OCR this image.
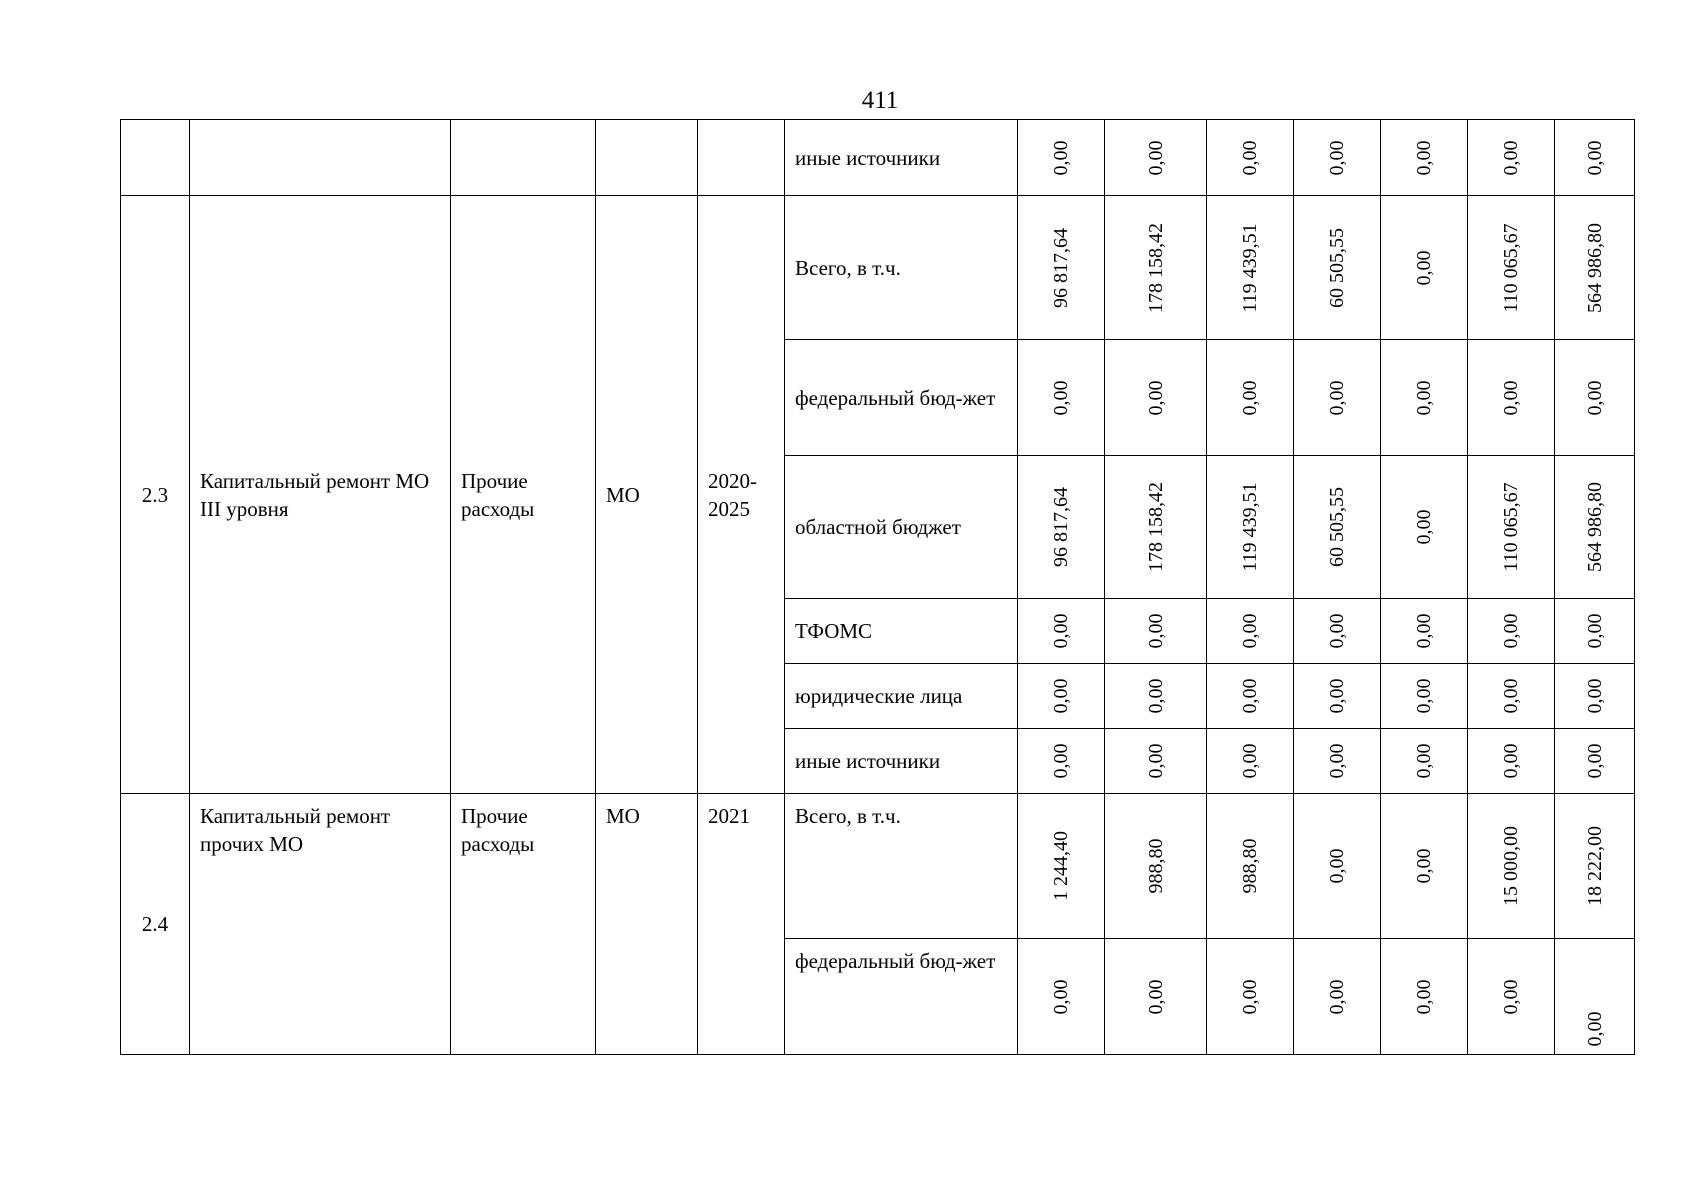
411
					иные источники	0,00	0,00	0,00	0,00	0,00	0,00	0,00

2.3	Капитальный ремонт МО III уровня	Прочие расходы	МО	2020-2025	Всего, в т.ч.	96 817,64	178 158,42	119 439,51	60 505,55	0,00	110 065,67	564 986,80

					федеральный бюд-жет	0,00	0,00	0,00	0,00	0,00	0,00	0,00

					областной бюджет	96 817,64	178 158,42	119 439,51	60 505,55	0,00	110 065,67	564 986,80

					ТФОМС	0,00	0,00	0,00	0,00	0,00	0,00	0,00

					юридические лица	0,00	0,00	0,00	0,00	0,00	0,00	0,00

					иные источники	0,00	0,00	0,00	0,00	0,00	0,00	0,00

2.4	Капитальный ремонт прочих МО	Прочие расходы	МО	2021	Всего, в т.ч.	1 244,40	988,80	988,80	0,00	0,00	15 000,00	18 222,00

					федеральный бюд-жет	0,00	0,00	0,00	0,00	0,00	0,00	0,00
